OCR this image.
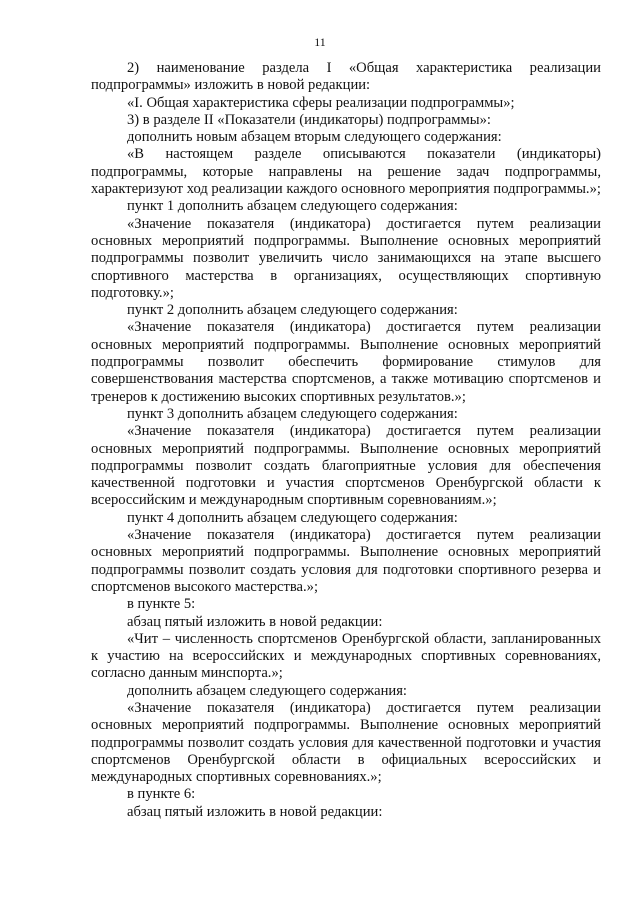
11

2) наименование раздела I «Общая характеристика реализации подпрограммы» изложить в новой редакции:

«I. Общая характеристика сферы реализации подпрограммы»;

3) в разделе II «Показатели (индикаторы) подпрограммы»:

дополнить новым абзацем вторым следующего содержания:

«В настоящем разделе описываются показатели (индикаторы) подпрограммы, которые направлены на решение задач подпрограммы, характеризуют ход реализации каждого основного мероприятия подпрограммы.»;

пункт 1 дополнить абзацем следующего содержания:

«Значение показателя (индикатора) достигается путем реализации основных мероприятий подпрограммы. Выполнение основных мероприятий подпрограммы позволит увеличить число занимающихся на этапе высшего спортивного мастерства в организациях, осуществляющих спортивную подготовку.»;

пункт 2 дополнить абзацем следующего содержания:

«Значение показателя (индикатора) достигается путем реализации основных мероприятий подпрограммы. Выполнение основных мероприятий подпрограммы позволит обеспечить формирование стимулов для совершенствования мастерства спортсменов, а также мотивацию спортсменов и тренеров к достижению высоких спортивных результатов.»;

пункт 3 дополнить абзацем следующего содержания:

«Значение показателя (индикатора) достигается путем реализации основных мероприятий подпрограммы. Выполнение основных мероприятий подпрограммы позволит создать благоприятные условия для обеспечения качественной подготовки и участия спортсменов Оренбургской области к всероссийским и международным спортивным соревнованиям.»;

пункт 4 дополнить абзацем следующего содержания:

«Значение показателя (индикатора) достигается путем реализации основных мероприятий подпрограммы. Выполнение основных мероприятий подпрограммы позволит создать условия для подготовки спортивного резерва и спортсменов высокого мастерства.»;

в пункте 5:

абзац пятый изложить в новой редакции:

«Чит – численность спортсменов Оренбургской области, запланированных к участию на всероссийских и международных спортивных соревнованиях, согласно данным минспорта.»;

дополнить абзацем следующего содержания:

«Значение показателя (индикатора) достигается путем реализации основных мероприятий подпрограммы. Выполнение основных мероприятий подпрограммы позволит создать условия для качественной подготовки и участия спортсменов Оренбургской области в официальных всероссийских и международных спортивных соревнованиях.»;

в пункте 6:

абзац пятый изложить в новой редакции:
